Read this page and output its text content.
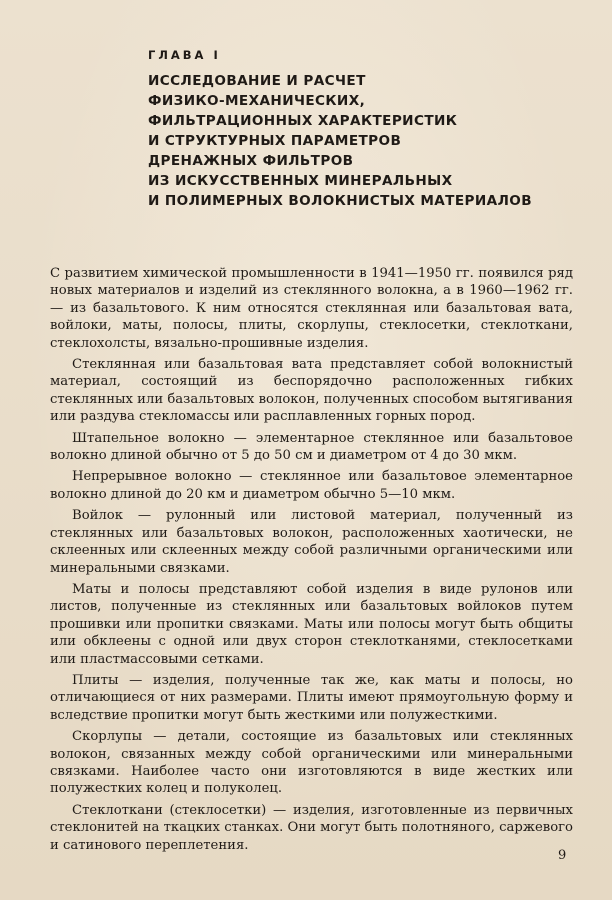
ГЛАВА I
ИССЛЕДОВАНИЕ И РАСЧЕТ
ФИЗИКО-МЕХАНИЧЕСКИХ,
ФИЛЬТРАЦИОННЫХ ХАРАКТЕРИСТИК
И СТРУКТУРНЫХ ПАРАМЕТРОВ
ДРЕНАЖНЫХ ФИЛЬТРОВ
ИЗ ИСКУССТВЕННЫХ МИНЕРАЛЬНЫХ
И ПОЛИМЕРНЫХ ВОЛОКНИСТЫХ МАТЕРИАЛОВ

С развитием химической промышленности в 1941—1950 гг. появился ряд новых материалов и изделий из стеклянного волокна, а в 1960—1962 гг.— из базальтового. К ним относятся стеклянная или базальтовая вата, войлоки, маты, полосы, плиты, скорлупы, стеклосетки, стеклоткани, стеклохолсты, вязально-прошивные изделия.

Стеклянная или базальтовая вата представляет собой волокнистый материал, состоящий из беспорядочно расположенных гибких стеклянных или базальтовых волокон, полученных способом вытягивания или раздува стекломассы или расплавленных горных пород.

Штапельное волокно — элементарное стеклянное или базальтовое волокно длиной обычно от 5 до 50 см и диаметром от 4 до 30 мкм.

Непрерывное волокно — стеклянное или базальтовое элементарное волокно длиной до 20 км и диаметром обычно 5—10 мкм.

Войлок — рулонный или листовой материал, полученный из стеклянных или базальтовых волокон, расположенных хаотически, не склеенных или склеенных между собой различными органическими или минеральными связками.

Маты и полосы представляют собой изделия в виде рулонов или листов, полученные из стеклянных или базальтовых войлоков путем прошивки или пропитки связками. Маты или полосы могут быть общиты или обклеены с одной или двух сторон стеклотканями, стеклосетками или пластмассовыми сетками.

Плиты — изделия, полученные так же, как маты и полосы, но отличающиеся от них размерами. Плиты имеют прямоугольную форму и вследствие пропитки могут быть жесткими или полужесткими.

Скорлупы — детали, состоящие из базальтовых или стеклянных волокон, связанных между собой органическими или минеральными связками. Наиболее часто они изготовляются в виде жестких или полужестких колец и полуколец.

Стеклоткани (стеклосетки) — изделия, изготовленные из первичных стеклонитей на ткацких станках. Они могут быть полотняного, саржевого и сатинового переплетения.

9
